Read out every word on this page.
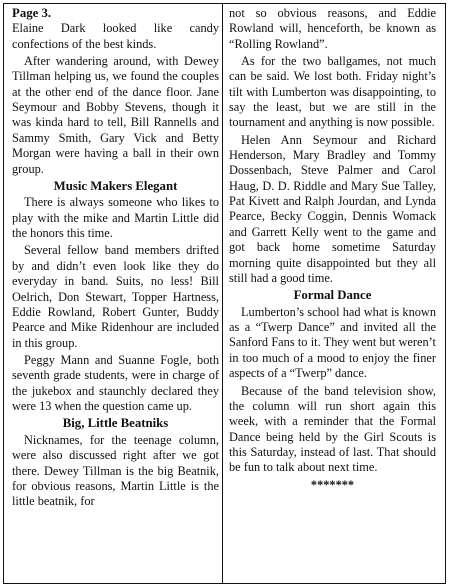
Page 3.

Elaine Dark looked like candy confections of the best kinds.

After wandering around, with Dewey Tillman helping us, we found the couples at the other end of the dance floor. Jane Seymour and Bobby Stevens, though it was kinda hard to tell, Bill Rannells and Sammy Smith, Gary Vick and Betty Morgan were having a ball in their own group.

Music Makers Elegant

There is always someone who likes to play with the mike and Martin Little did the honors this time.

Several fellow band members drifted by and didn’t even look like they do everyday in band. Suits, no less! Bill Oelrich, Don Stewart, Topper Hartness, Eddie Rowland, Robert Gunter, Buddy Pearce and Mike Ridenhour are included in this group.

Peggy Mann and Suanne Fogle, both seventh grade students, were in charge of the jukebox and staunchly declared they were 13 when the question came up.

Big, Little Beatniks

Nicknames, for the teenage column, were also discussed right after we got there. Dewey Tillman is the big Beatnik, for obvious reasons, Martin Little is the little beatnik, for

not so obvious reasons, and Eddie Rowland will, henceforth, be known as “Rolling Rowland”.

As for the two ballgames, not much can be said. We lost both. Friday night’s tilt with Lumberton was disappointing, to say the least, but we are still in the tournament and anything is now possible.

Helen Ann Seymour and Richard Henderson, Mary Bradley and Tommy Dossenbach, Steve Palmer and Carol Haug, D. D. Riddle and Mary Sue Talley, Pat Kivett and Ralph Jourdan, and Lynda Pearce, Becky Coggin, Dennis Womack and Garrett Kelly went to the game and got back home sometime Saturday morning quite disappointed but they all still had a good time.

Formal Dance

Lumberton’s school had what is known as a “Twerp Dance” and invited all the Sanford Fans to it. They went but weren’t in too much of a mood to enjoy the finer aspects of a “Twerp” dance.

Because of the band television show, the column will run short again this week, with a reminder that the Formal Dance being held by the Girl Scouts is this Saturday, instead of last. That should be fun to talk about next time.

*******
